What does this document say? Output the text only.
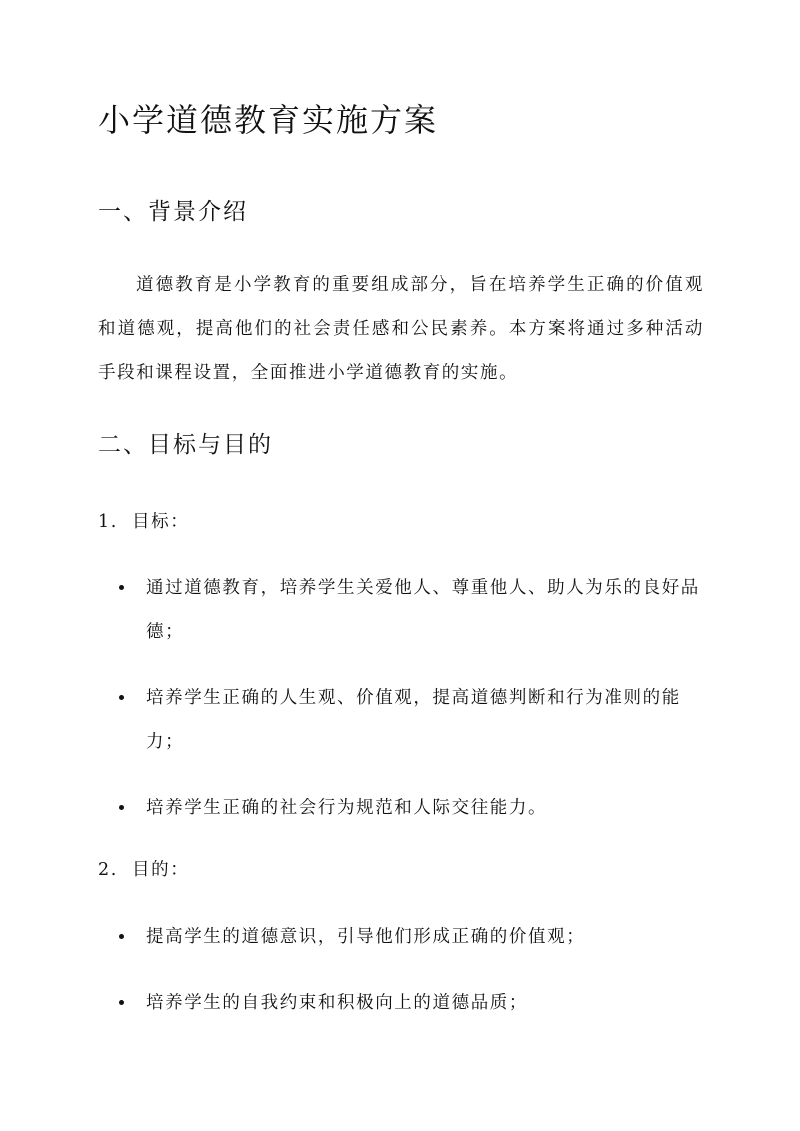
小学道德教育实施方案
一、背景介绍
道德教育是小学教育的重要组成部分，旨在培养学生正确的价值观和道德观，提高他们的社会责任感和公民素养。本方案将通过多种活动手段和课程设置，全面推进小学道德教育的实施。
二、目标与目的
1. 目标：
通过道德教育，培养学生关爱他人、尊重他人、助人为乐的良好品德；
培养学生正确的人生观、价值观，提高道德判断和行为准则的能力；
培养学生正确的社会行为规范和人际交往能力。
2. 目的：
提高学生的道德意识，引导他们形成正确的价值观；
培养学生的自我约束和积极向上的道德品质；
